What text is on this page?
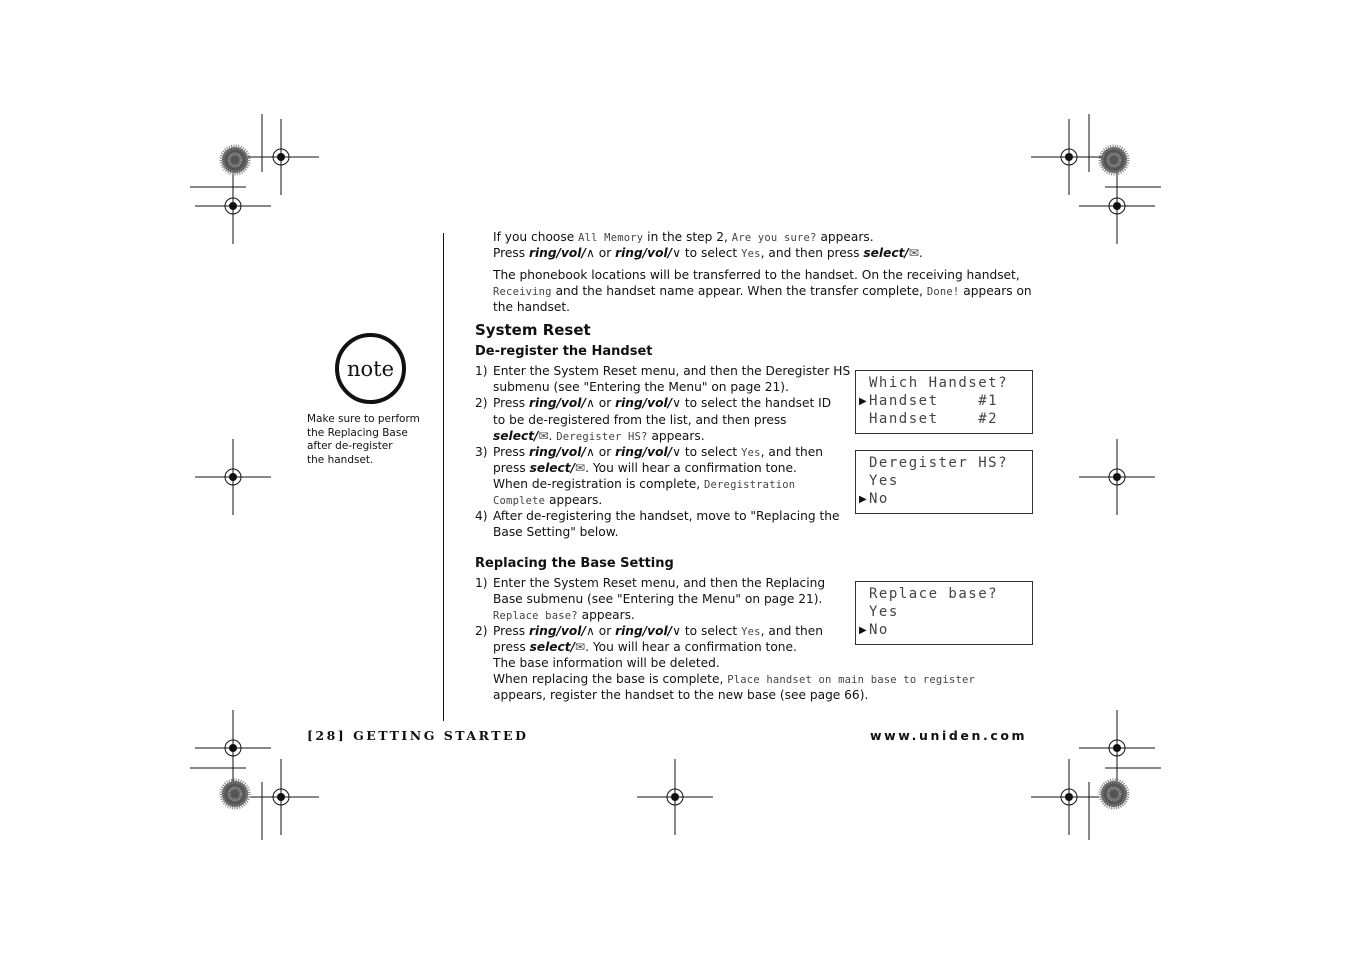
note
Make sure to perform
the Replacing Base
after de-register
the handset.
If you choose All Memory in the step 2, Are you sure? appears.
Press ring/vol/∧ or ring/vol/∨ to select Yes, and then press select/✉.
The phonebook locations will be transferred to the handset. On the receiving handset,
Receiving and the handset name appear. When the transfer complete, Done! appears on
the handset.
System Reset
De-register the Handset
1) Enter the System Reset menu, and then the Deregister HS
submenu (see "Entering the Menu" on page 21).
2) Press ring/vol/∧ or ring/vol/∨ to select the handset ID
to be de-registered from the list, and then press
select/✉. Deregister HS? appears.
3) Press ring/vol/∧ or ring/vol/∨ to select Yes, and then
press select/✉. You will hear a confirmation tone.
When de-registration is complete, Deregistration
Complete appears.
4) After de-registering the handset, move to "Replacing the
Base Setting" below.
Replacing the Base Setting
1) Enter the System Reset menu, and then the Replacing
Base submenu (see "Entering the Menu" on page 21).
Replace base? appears.
2) Press ring/vol/∧ or ring/vol/∨ to select Yes, and then
press select/✉. You will hear a confirmation tone.
The base information will be deleted.
When replacing the base is complete, Place handset on main base to register
appears, register the handset to the new base (see page 66).
Which Handset?
▶ Handset    #1
Handset    #2
Deregister HS?
Yes
▶ No
Replace base?
Yes
▶ No
[28] GETTING STARTED	www.uniden.com
